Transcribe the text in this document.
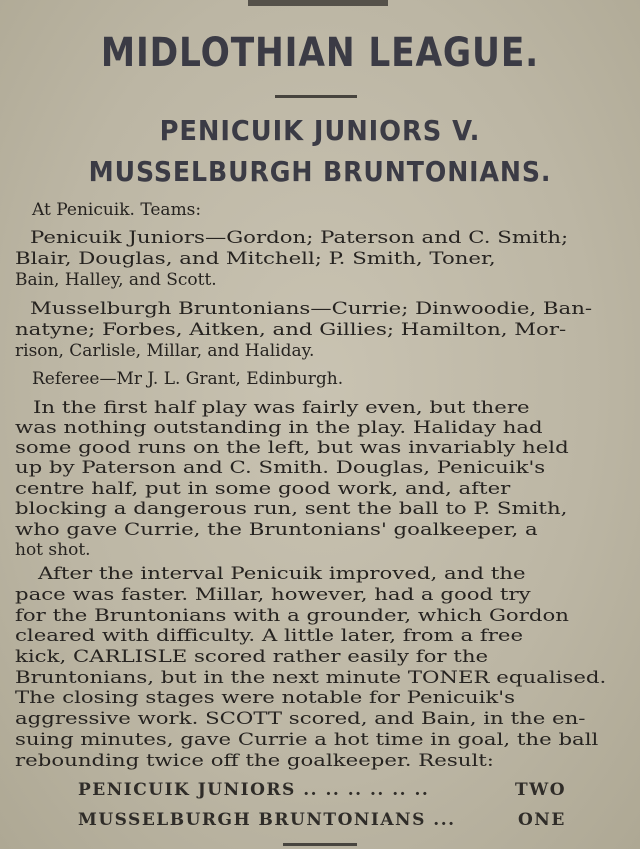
MIDLOTHIAN LEAGUE.
PENICUIK JUNIORS V.
MUSSELBURGH BRUNTONIANS.
At Penicuik. Teams:
Penicuik Juniors—Gordon; Paterson and C. Smith;
Blair, Douglas, and Mitchell; P. Smith, Toner,
Bain, Halley, and Scott.
Musselburgh Bruntonians—Currie; Dinwoodie, Ban-
natyne; Forbes, Aitken, and Gillies; Hamilton, Mor-
rison, Carlisle, Millar, and Haliday.
Referee—Mr J. L. Grant, Edinburgh.
In the first half play was fairly even, but there
was nothing outstanding in the play. Haliday had
some good runs on the left, but was invariably held
up by Paterson and C. Smith. Douglas, Penicuik's
centre half, put in some good work, and, after
blocking a dangerous run, sent the ball to P. Smith,
who gave Currie, the Bruntonians' goalkeeper, a
hot shot.
After the interval Penicuik improved, and the
pace was faster. Millar, however, had a good try
for the Bruntonians with a grounder, which Gordon
cleared with difficulty. A little later, from a free
kick, CARLISLE scored rather easily for the
Bruntonians, but in the next minute TONER equalised.
The closing stages were notable for Penicuik's
aggressive work. SCOTT scored, and Bain, in the en-
suing minutes, gave Currie a hot time in goal, the ball
rebounding twice off the goalkeeper. Result:
PENICUIK JUNIORS .. .. .. .. .. ..	TWO
MUSSELBURGH BRUNTONIANS ...	ONE
